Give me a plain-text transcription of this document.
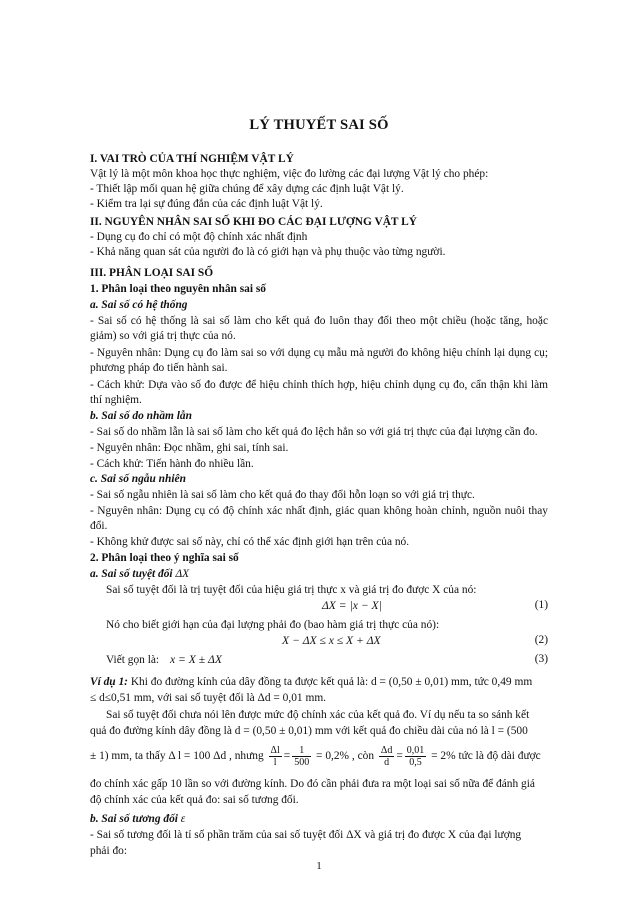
LÝ THUYẾT SAI SỐ
I. VAI TRÒ CỦA THÍ NGHIỆM VẬT LÝ
Vật lý là một môn khoa học thực nghiệm, việc đo lường các đại lượng Vật lý cho phép:
- Thiết lập mối quan hệ giữa chúng để xây dựng các định luật Vật lý.
- Kiểm tra lại sự đúng đắn của các định luật Vật lý.
II. NGUYÊN NHÂN SAI SỐ KHI ĐO CÁC ĐẠI LƯỢNG VẬT LÝ
- Dụng cụ đo chỉ có một độ chính xác nhất định
- Khả năng quan sát của người đo là có giới hạn và phụ thuộc vào từng người.
III. PHÂN LOẠI SAI SỐ
1. Phân loại theo nguyên nhân sai số
a. Sai số có hệ thống
- Sai số có hệ thống là sai số làm cho kết quả đo luôn thay đổi theo một chiều (hoặc tăng, hoặc giảm) so với giá trị thực của nó.
- Nguyên nhân: Dụng cụ đo làm sai so với dụng cụ mẫu mà người đo không hiệu chỉnh lại dụng cụ; phương pháp đo tiến hành sai.
- Cách khử: Dựa vào số đo được để hiệu chỉnh thích hợp, hiệu chỉnh dụng cụ đo, cẩn thận khi làm thí nghiệm.
b. Sai số do nhầm lẫn
- Sai số do nhầm lẫn là sai số làm cho kết quả đo lệch hẳn so với giá trị thực của đại lượng cần đo.
- Nguyên nhân: Đọc nhầm, ghi sai, tính sai.
- Cách khử: Tiến hành đo nhiều lần.
c. Sai số ngẫu nhiên
- Sai số ngẫu nhiên là sai số làm cho kết quả đo thay đổi hỗn loạn so với giá trị thực.
- Nguyên nhân: Dụng cụ có độ chính xác nhất định, giác quan không hoàn chỉnh, nguồn nuôi thay đổi.
- Không khử được sai số này, chỉ có thể xác định giới hạn trên của nó.
2. Phân loại theo ý nghĩa sai số
a. Sai số tuyệt đối ΔX
Sai số tuyệt đối là trị tuyệt đối của hiệu giá trị thực x và giá trị đo được X của nó:
ΔX = |x − X|	(1)
Nó cho biết giới hạn của đại lượng phải đo (bao hàm giá trị thực của nó):
X − ΔX ≤ x ≤ X + ΔX	(2)
Viết gọn là: x = X ± ΔX	(3)
Ví dụ 1: Khi đo đường kính của dây đồng ta được kết quả là: d = (0,50 ± 0,01) mm, tức 0,49 mm
≤ d≤0,51 mm, với sai số tuyệt đối là Δd = 0,01 mm.
Sai số tuyệt đối chưa nói lên được mức độ chính xác của kết quả đo. Ví dụ nếu ta so sánh kết
quả đo đường kính dây đồng là d = (0,50 ± 0,01) mm với kết quả đo chiều dài của nó là l = (500
± 1) mm, ta thấy Δ l = 100 Δd , nhưng $\frac{\Delta l}{l} = \frac{1}{500} = 0,2\%$ , còn $\frac{\Delta d}{d} = \frac{0,01}{0,5} = 2\%$ tức là độ dài được
đo chính xác gấp 10 lần so với đường kính. Do đó cần phải đưa ra một loại sai số nữa để đánh giá
độ chính xác của kết quả đo: sai số tương đối.
b. Sai số tương đối ε
- Sai số tương đối là tỉ số phần trăm của sai số tuyệt đối ΔX và giá trị đo được X của đại lượng
phải đo:
1
